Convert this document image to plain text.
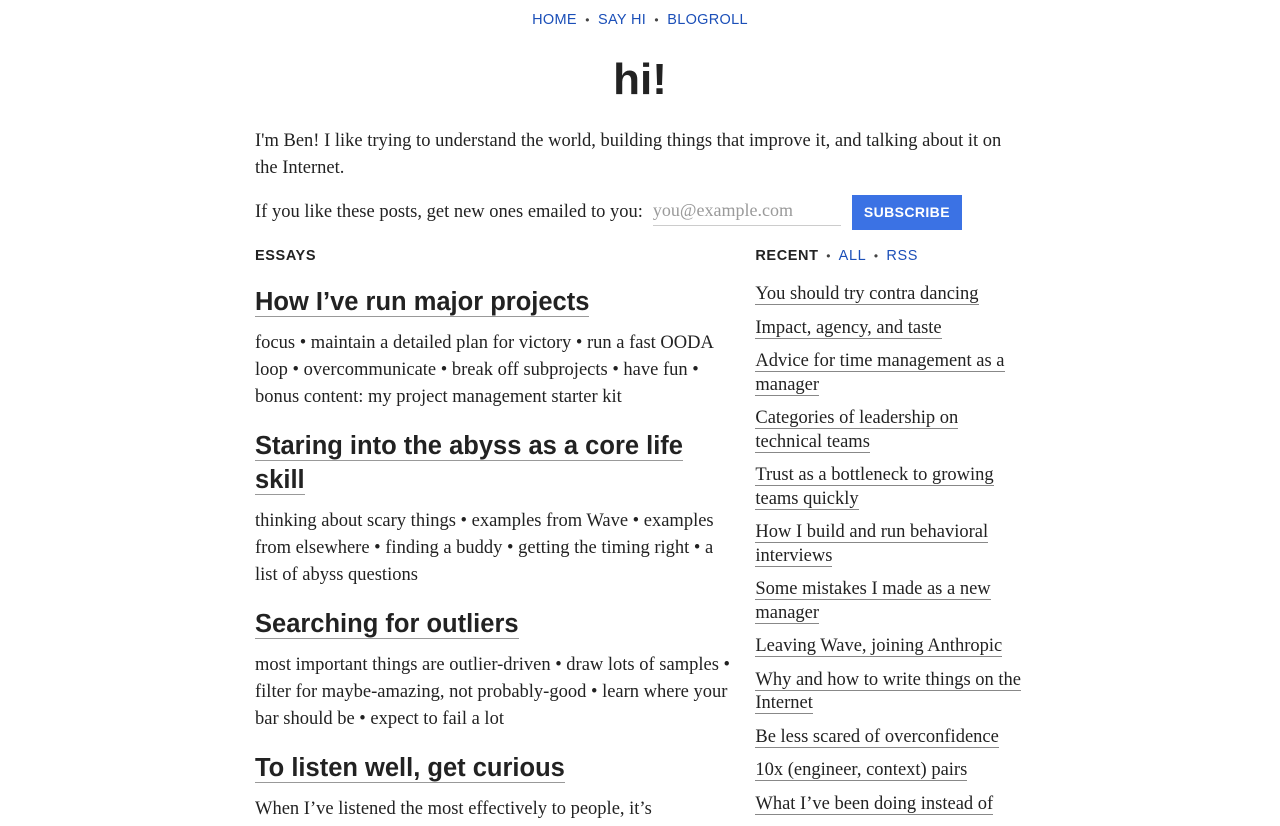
HOME • SAY HI • BLOGROLL
hi!

I'm Ben! I like trying to understand the world, building things that improve it, and talking about it on the Internet.

If you like these posts, get new ones emailed to you:
you@example.com	SUBSCRIBE
ESSAYS
How I’ve run major projects
focus • maintain a detailed plan for victory • run a fast OODA loop • overcommunicate • break off subprojects • have fun • bonus content: my project management starter kit
Staring into the abyss as a core life skill
thinking about scary things • examples from Wave • examples from elsewhere • finding a buddy • getting the timing right • a list of abyss questions
Searching for outliers
most important things are outlier-driven • draw lots of samples • filter for maybe-amazing, not probably-good • learn where your bar should be • expect to fail a lot
To listen well, get curious
When I’ve listened the most effectively to people, it’s
RECENT • ALL • RSS
You should try contra dancing
Impact, agency, and taste
Advice for time management as a manager
Categories of leadership on technical teams
Trust as a bottleneck to growing teams quickly
How I build and run behavioral interviews
Some mistakes I made as a new manager
Leaving Wave, joining Anthropic
Why and how to write things on the Internet
Be less scared of overconfidence
10x (engineer, context) pairs
What I’ve been doing instead of
